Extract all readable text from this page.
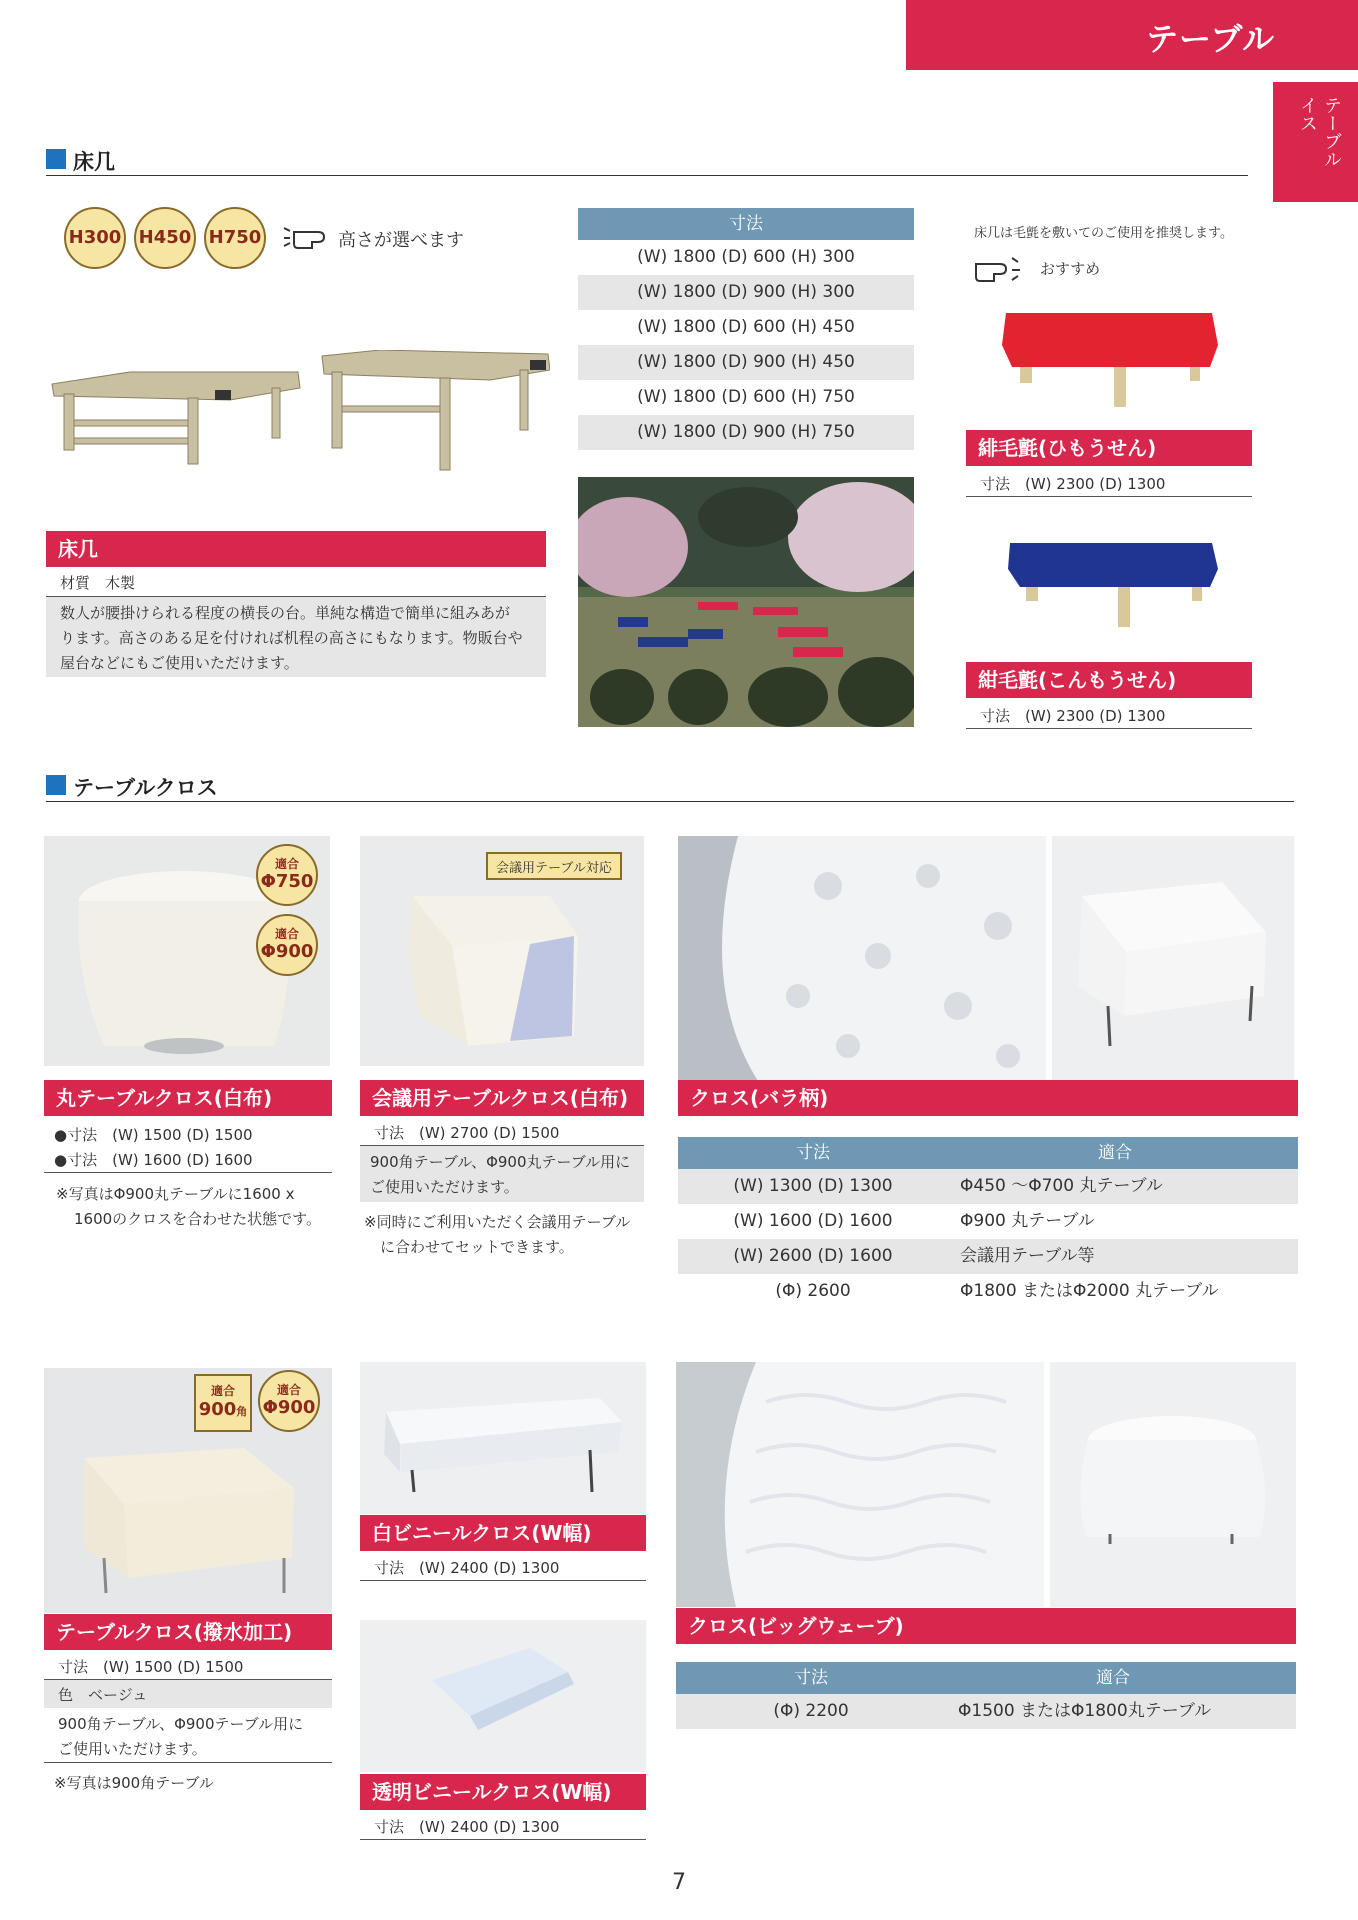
テーブル
テーブル
イス
床几
H300 H450 H750	高さが選べます
床几
材質　木製
数人が腰掛けられる程度の横長の台。単純な構造で簡単に組みあが
ります。高さのある足を付ければ机程の高さにもなります。物販台や
屋台などにもご使用いただけます。
寸法
(W) 1800 (D) 600 (H) 300
(W) 1800 (D) 900 (H) 300
(W) 1800 (D) 600 (H) 450
(W) 1800 (D) 900 (H) 450
(W) 1800 (D) 600 (H) 750
(W) 1800 (D) 900 (H) 750
床几は毛氈を敷いてのご使用を推奨します。
おすすめ
緋毛氈(ひもうせん)
寸法　(W) 2300 (D) 1300
紺毛氈(こんもうせん)
寸法　(W) 2300 (D) 1300
テーブルクロス
適合
Φ750
適合
Φ900
丸テーブルクロス(白布)
●寸法　(W) 1500 (D) 1500
●寸法　(W) 1600 (D) 1600
※写真はΦ900丸テーブルに1600 x
1600のクロスを合わせた状態です。
会議用テーブル対応
会議用テーブルクロス(白布)
寸法　(W) 2700 (D) 1500
900角テーブル、Φ900丸テーブル用に
ご使用いただけます。
※同時にご利用いただく会議用テーブル
に合わせてセットできます。
クロス(バラ柄)
寸法	適合
(W) 1300 (D) 1300	Φ450 〜Φ700 丸テーブル
(W) 1600 (D) 1600	Φ900 丸テーブル
(W) 2600 (D) 1600	会議用テーブル等
(Φ) 2600	Φ1800 またはΦ2000 丸テーブル
適合
900角
適合
Φ900
テーブルクロス(撥水加工)
寸法　(W) 1500 (D) 1500
色　ベージュ
900角テーブル、Φ900テーブル用に
ご使用いただけます。
※写真は900角テーブル
白ビニールクロス(W幅)
寸法　(W) 2400 (D) 1300
透明ビニールクロス(W幅)
寸法　(W) 2400 (D) 1300
クロス(ビッグウェーブ)
寸法	適合
(Φ) 2200	Φ1500 またはΦ1800丸テーブル
7
